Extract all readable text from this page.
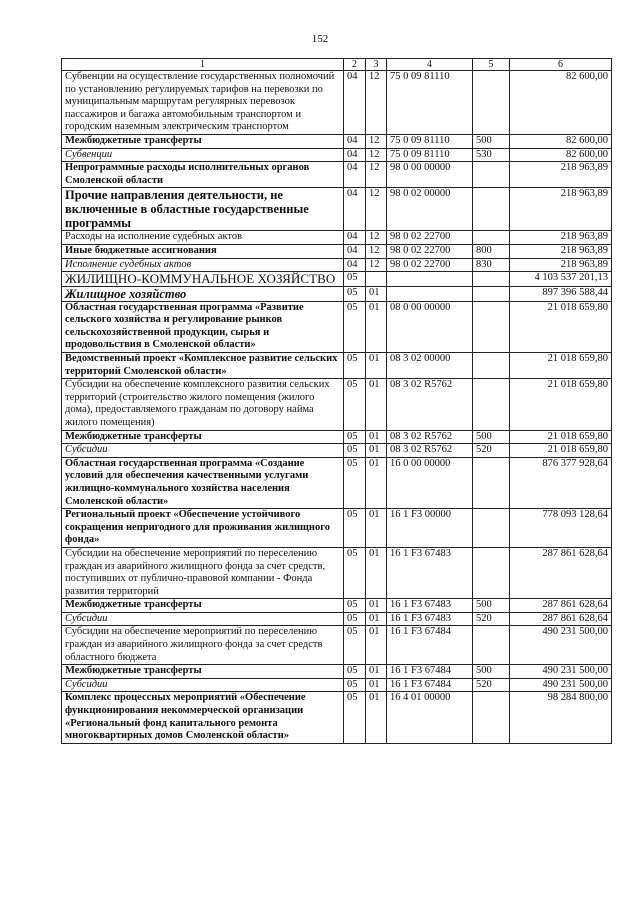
152
1	2	3	4	5	6
Субвенции на осуществление государственных полномочий по установлению регулируемых тарифов на перевозки по муниципальным маршрутам регулярных перевозок пассажиров и багажа автомобильным транспортом и городским наземным электрическим транспортом	04	12	75 0 09 81110		82 600,00
Межбюджетные трансферты	04	12	75 0 09 81110	500	82 600,00
Субвенции	04	12	75 0 09 81110	530	82 600,00
Непрограммные расходы исполнительных органов Смоленской области	04	12	98 0 00 00000		218 963,89
Прочие направления деятельности, не включенные в областные государственные программы	04	12	98 0 02 00000		218 963,89
Расходы на исполнение судебных актов	04	12	98 0 02 22700		218 963,89
Иные бюджетные ассигнования	04	12	98 0 02 22700	800	218 963,89
Исполнение судебных актов	04	12	98 0 02 22700	830	218 963,89
ЖИЛИЩНО-КОММУНАЛЬНОЕ ХОЗЯЙСТВО	05				4 103 537 201,13
Жилищное хозяйство	05	01			897 396 588,44
Областная государственная программа «Развитие сельского хозяйства и регулирование рынков сельскохозяйственной продукции, сырья и продовольствия в Смоленской области»	05	01	08 0 00 00000		21 018 659,80
Ведомственный проект «Комплексное развитие сельских территорий Смоленской области»	05	01	08 3 02 00000		21 018 659,80
Субсидии на обеспечение комплексного развития сельских территорий (строительство жилого помещения (жилого дома), предоставляемого гражданам по договору найма жилого помещения)	05	01	08 3 02 R5762		21 018 659,80
Межбюджетные трансферты	05	01	08 3 02 R5762	500	21 018 659,80
Субсидии	05	01	08 3 02 R5762	520	21 018 659,80
Областная государственная программа «Создание условий для обеспечения качественными услугами жилищно-коммунального хозяйства населения Смоленской области»	05	01	16 0 00 00000		876 377 928,64
Региональный проект «Обеспечение устойчивого сокращения непригодного для проживания жилищного фонда»	05	01	16 1 F3 00000		778 093 128,64
Субсидии на обеспечение мероприятий по переселению граждан из аварийного жилищного фонда за счет средств, поступивших от публично-правовой компании - Фонда развития территорий	05	01	16 1 F3 67483		287 861 628,64
Межбюджетные трансферты	05	01	16 1 F3 67483	500	287 861 628,64
Субсидии	05	01	16 1 F3 67483	520	287 861 628,64
Субсидии на обеспечение мероприятий по переселению граждан из аварийного жилищного фонда за счет средств областного бюджета	05	01	16 1 F3 67484		490 231 500,00
Межбюджетные трансферты	05	01	16 1 F3 67484	500	490 231 500,00
Субсидии	05	01	16 1 F3 67484	520	490 231 500,00
Комплекс процессных мероприятий «Обеспечение функционирования некоммерческой организации «Региональный фонд капитального ремонта многоквартирных домов Смоленской области»	05	01	16 4 01 00000		98 284 800,00
